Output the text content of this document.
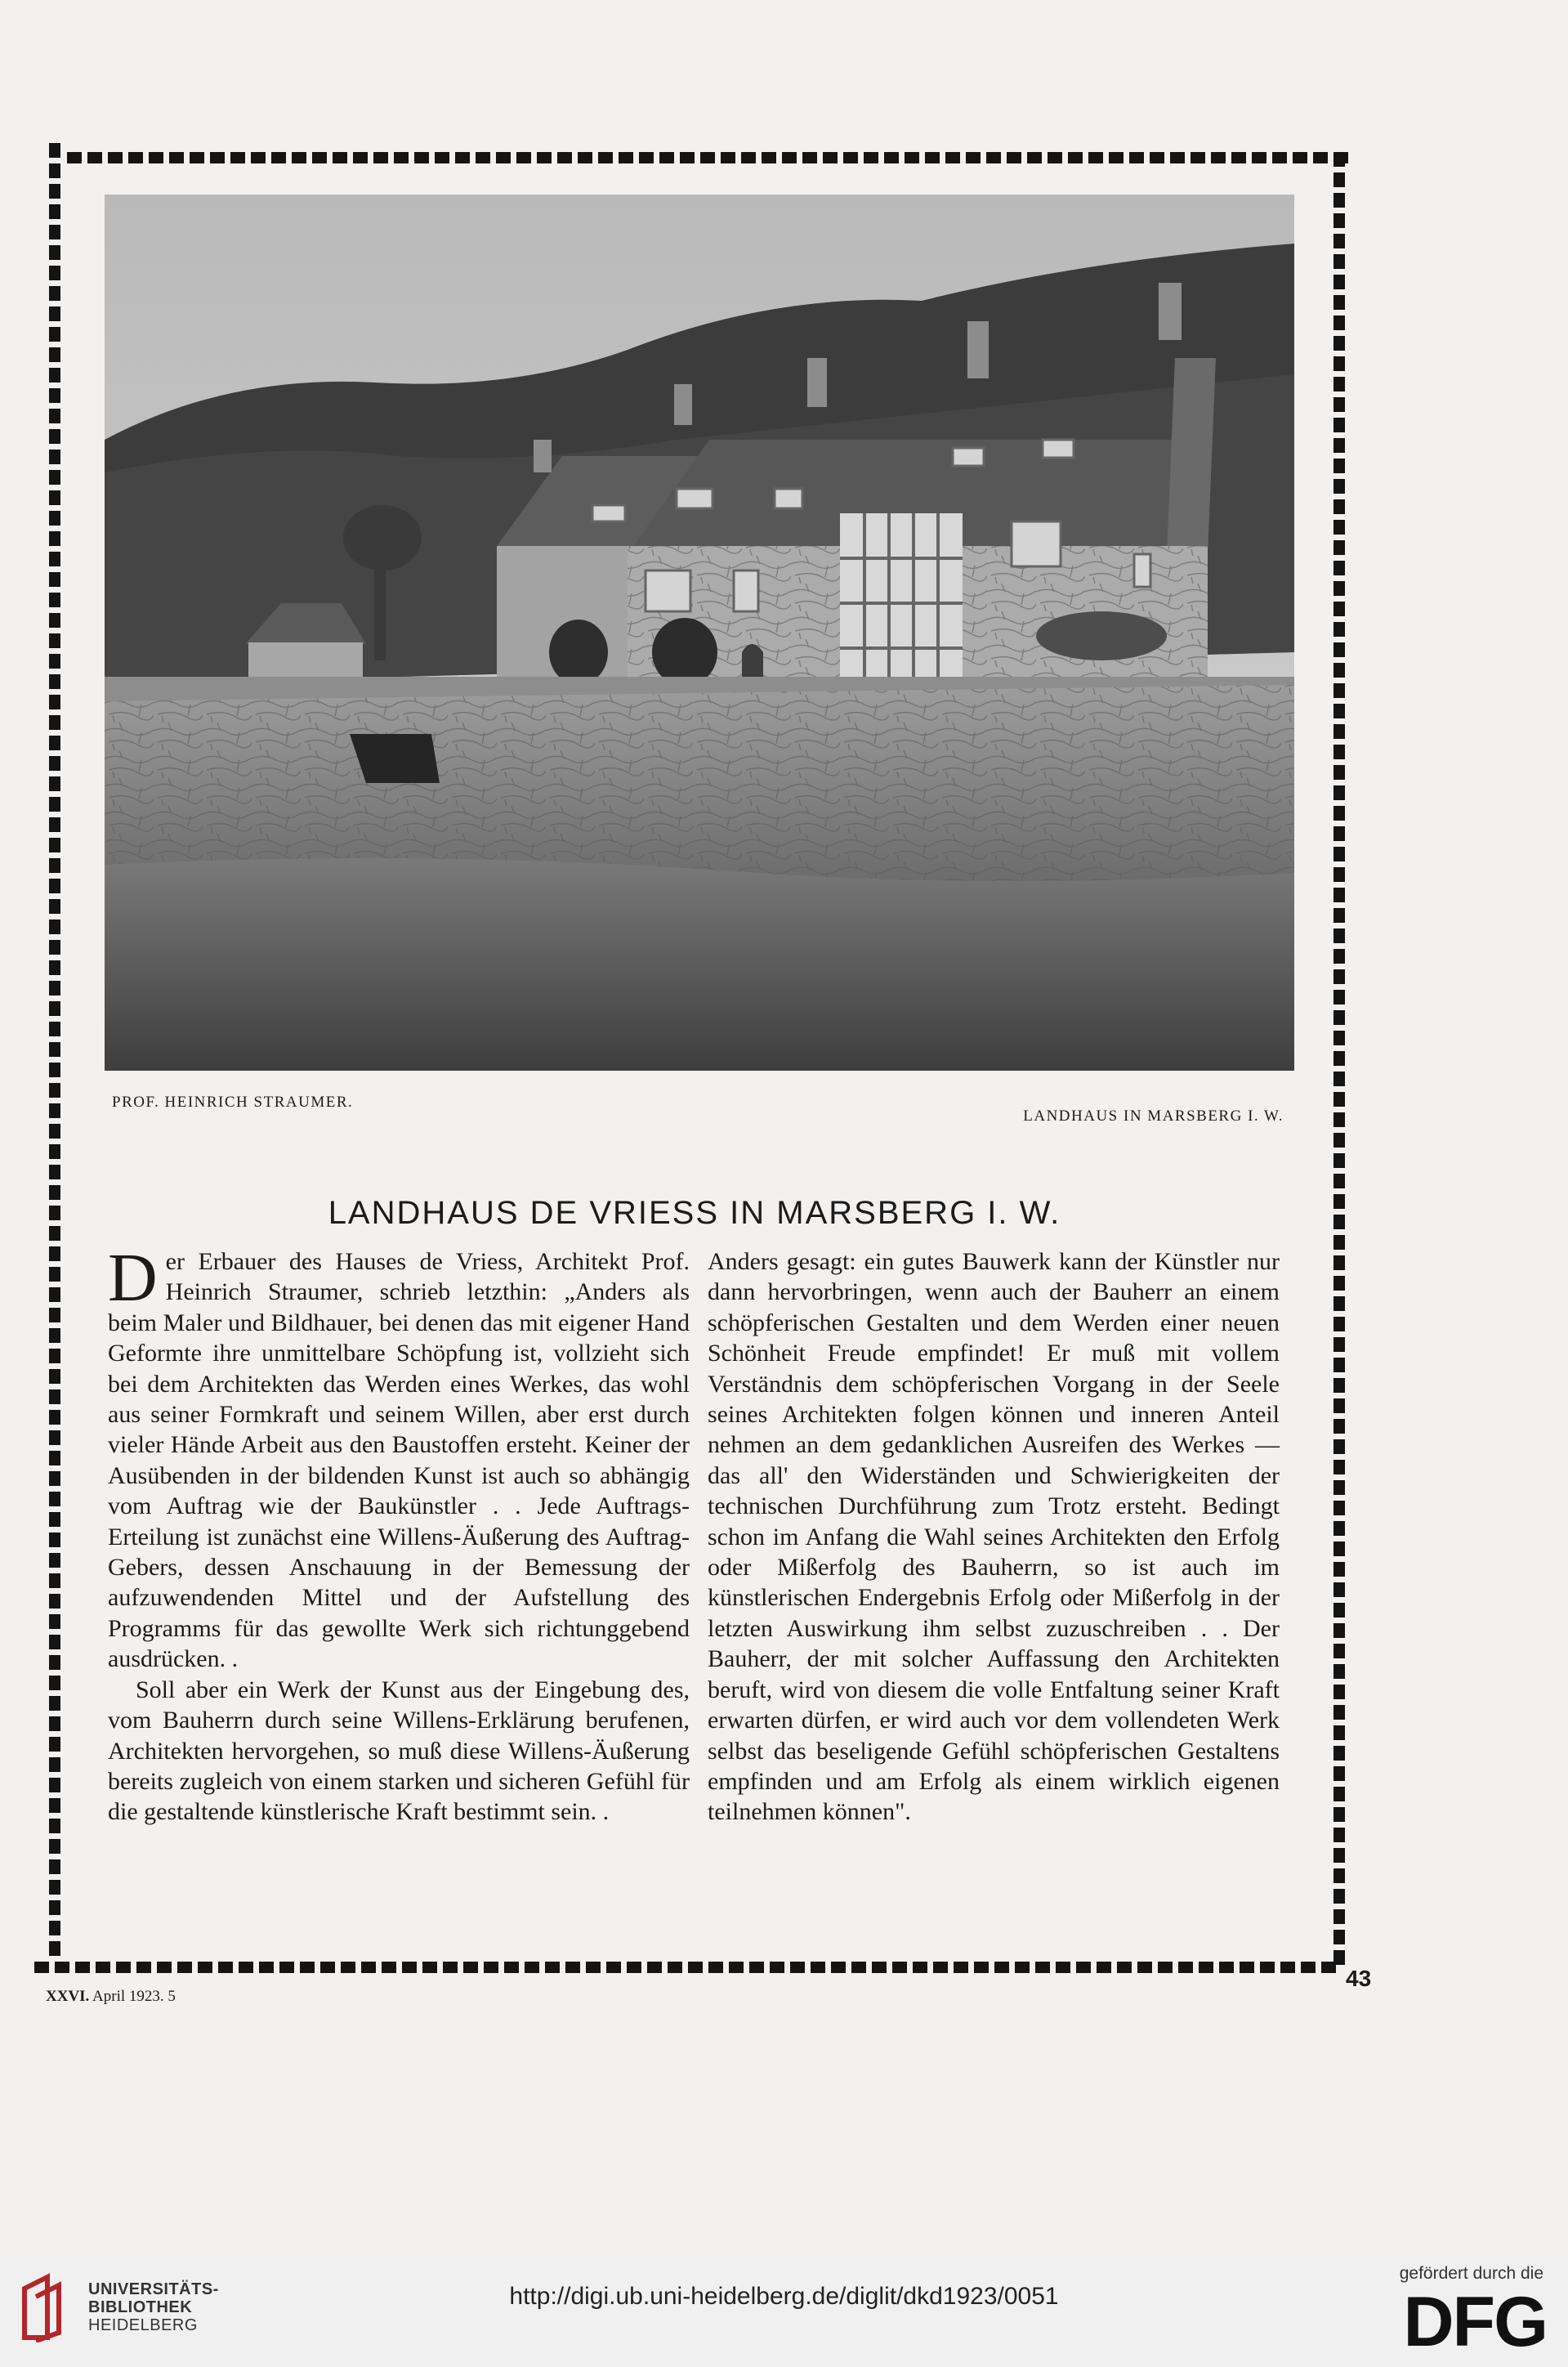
PROF. HEINRICH STRAUMER.
LANDHAUS IN MARSBERG I. W.
LANDHAUS DE VRIESS IN MARSBERG I. W.

Der Erbauer des Hauses de Vriess, Architekt Prof. Heinrich Straumer, schrieb letzthin: „Anders als beim Maler und Bildhauer, bei denen das mit eigener Hand Geformte ihre unmittelbare Schöpfung ist, vollzieht sich bei dem Architekten das Werden eines Werkes, das wohl aus seiner Formkraft und seinem Willen, aber erst durch vieler Hände Arbeit aus den Baustoffen ersteht. Keiner der Ausübenden in der bildenden Kunst ist auch so abhängig vom Auftrag wie der Baukünstler . . Jede Auftrags-Erteilung ist zunächst eine Willens-Äußerung des Auftrag-Gebers, dessen Anschauung in der Bemessung der aufzuwendenden Mittel und der Aufstellung des Programms für das gewollte Werk sich richtunggebend ausdrücken. .

Soll aber ein Werk der Kunst aus der Eingebung des, vom Bauherrn durch seine Willens-Erklärung berufenen, Architekten hervorgehen, so muß diese Willens-Äußerung bereits zugleich von einem starken und sicheren Gefühl für die gestaltende künstlerische Kraft bestimmt sein. .

Anders gesagt: ein gutes Bauwerk kann der Künstler nur dann hervorbringen, wenn auch der Bauherr an einem schöpferischen Gestalten und dem Werden einer neuen Schönheit Freude empfindet! Er muß mit vollem Verständnis dem schöpferischen Vorgang in der Seele seines Architekten folgen können und inneren Anteil nehmen an dem gedanklichen Ausreifen des Werkes — das all' den Widerständen und Schwierigkeiten der technischen Durchführung zum Trotz ersteht. Bedingt schon im Anfang die Wahl seines Architekten den Erfolg oder Mißerfolg des Bauherrn, so ist auch im künstlerischen Endergebnis Erfolg oder Mißerfolg in der letzten Auswirkung ihm selbst zuzuschreiben . . Der Bauherr, der mit solcher Auffassung den Architekten beruft, wird von diesem die volle Entfaltung seiner Kraft erwarten dürfen, er wird auch vor dem vollendeten Werk selbst das beseligende Gefühl schöpferischen Gestaltens empfinden und am Erfolg als einem wirklich eigenen teilnehmen können".

43
XXVI. April 1923. 5
UNIVERSITÄTS-
BIBLIOTHEK
HEIDELBERG
http://digi.ub.uni-heidelberg.de/diglit/dkd1923/0051
gefördert durch die
DFG
